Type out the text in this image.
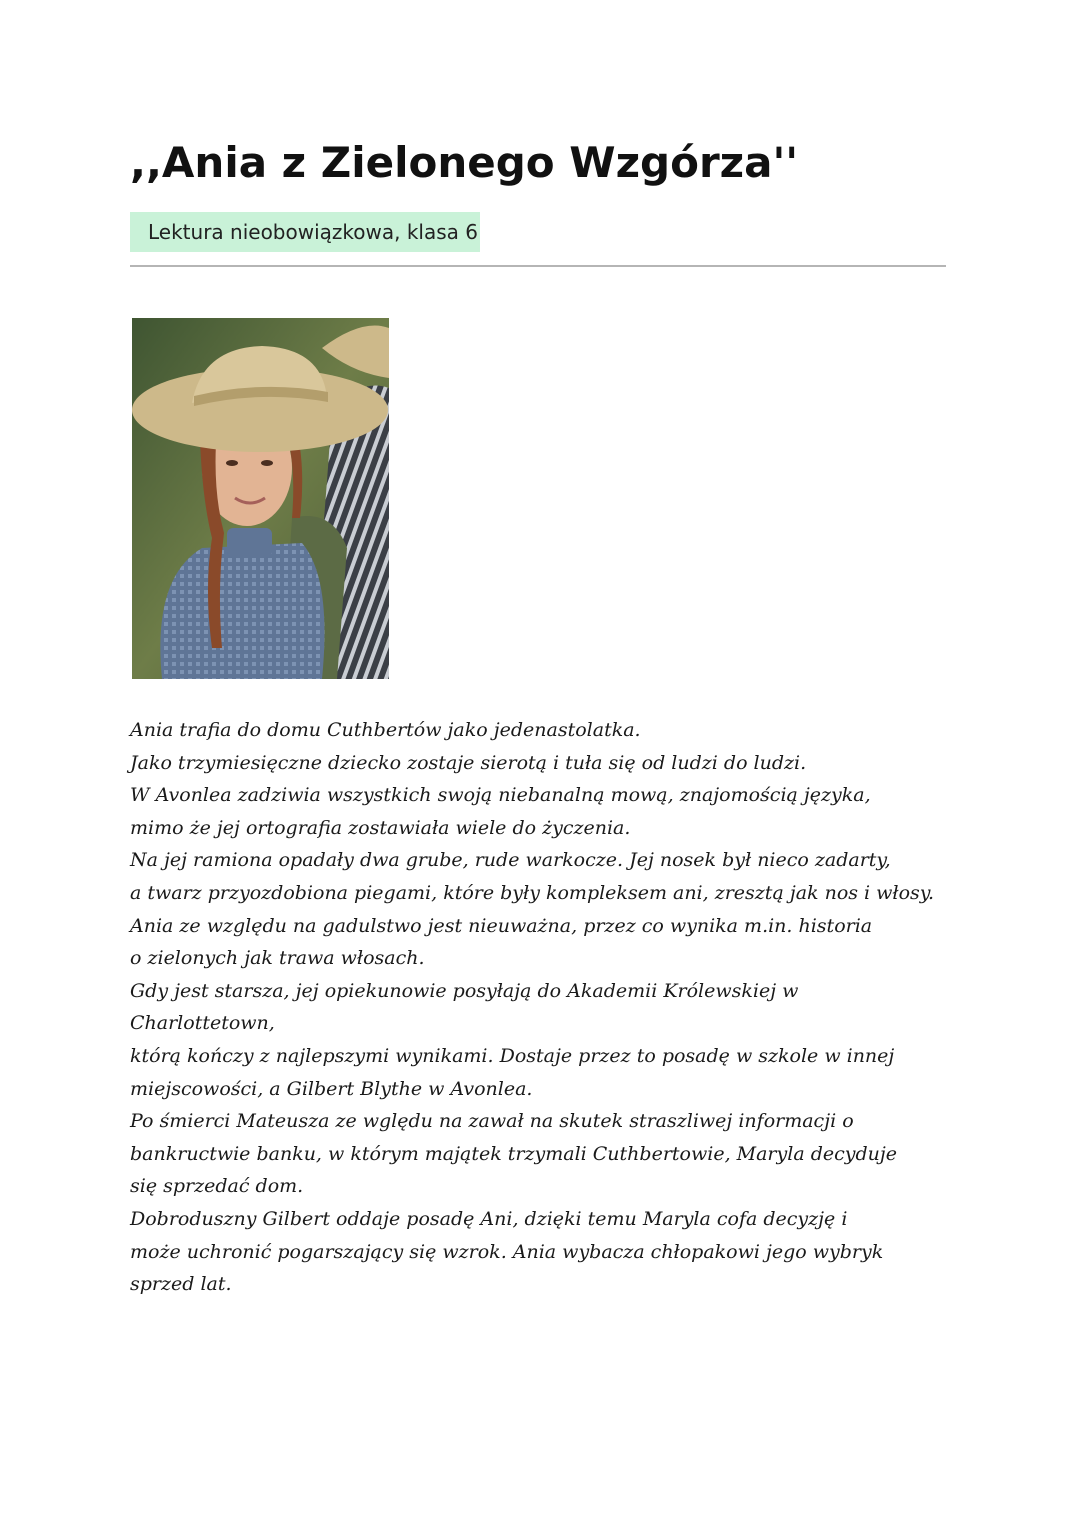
,,Ania z Zielonego Wzgórza''
Lektura nieobowiązkowa, klasa 6

Ania trafia do domu Cuthbertów jako jedenastolatka.
Jako trzymiesięczne dziecko zostaje sierotą i tuła się od ludzi do ludzi.
W Avonlea zadziwia wszystkich swoją niebanalną mową, znajomością języka,
mimo że jej ortografia zostawiała wiele do życzenia.
Na jej ramiona opadały dwa grube, rude warkocze. Jej nosek był nieco zadarty,
a twarz przyozdobiona piegami, które były kompleksem ani, zresztą jak nos i włosy.
Ania ze względu na gadulstwo jest nieuważna, przez co wynika m.in. historia
o zielonych jak trawa włosach.
Gdy jest starsza, jej opiekunowie posyłają do Akademii Królewskiej w
Charlottetown,
którą kończy z najlepszymi wynikami. Dostaje przez to posadę w szkole w innej
miejscowości, a Gilbert Blythe w Avonlea.
Po śmierci Mateusza ze wględu na zawał na skutek straszliwej informacji o
bankructwie banku, w którym majątek trzymali Cuthbertowie, Maryla decyduje
się sprzedać dom.
Dobroduszny Gilbert oddaje posadę Ani, dzięki temu Maryla cofa decyzję i
może uchronić pogarszający się wzrok. Ania wybacza chłopakowi jego wybryk
sprzed lat.
